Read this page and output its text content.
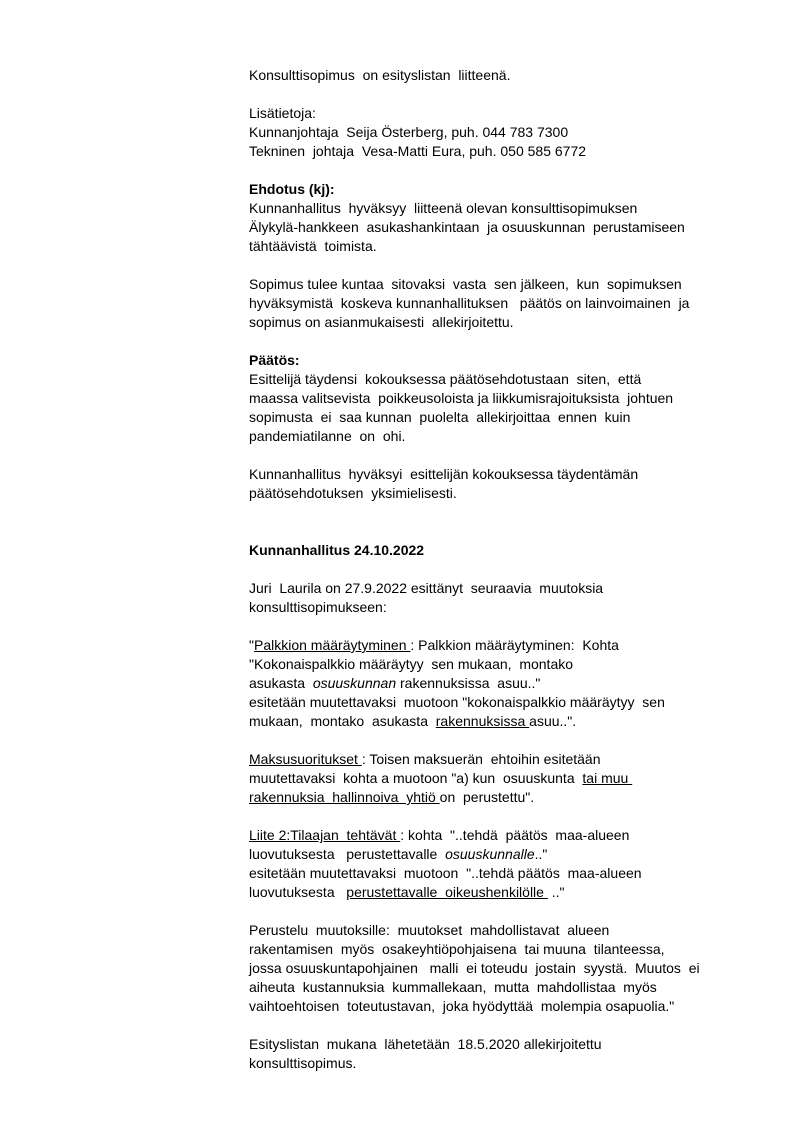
Konsulttisopimus  on esityslistan  liitteenä.
Lisätietoja:
Kunnanjohtaja  Seija Österberg, puh. 044 783 7300
Tekninen  johtaja  Vesa-Matti Eura, puh. 050 585 6772
Ehdotus (kj):
Kunnanhallitus  hyväksyy  liitteenä olevan konsulttisopimuksen
Älykylä-hankkeen  asukashankintaan  ja osuuskunnan  perustamiseen
tähtäävistä  toimista.
Sopimus tulee kuntaa  sitovaksi  vasta  sen jälkeen,  kun  sopimuksen
hyväksymistä  koskeva kunnanhallituksen   päätös on lainvoimainen  ja
sopimus on asianmukaisesti  allekirjoitettu.
Päätös:
Esittelijä täydensi  kokouksessa päätösehdotustaan  siten,  että
maassa valitsevista  poikkeusoloista ja liikkumisrajoituksista  johtuen
sopimusta  ei  saa kunnan  puolelta  allekirjoittaa  ennen  kuin
pandemiatilanne  on  ohi.
Kunnanhallitus  hyväksyi  esittelijän kokouksessa täydentämän
päätösehdotuksen  yksimielisesti.
Kunnanhallitus 24.10.2022
Juri  Laurila on 27.9.2022 esittänyt  seuraavia  muutoksia
konsulttisopimukseen:
"Palkkion määräytyminen : Palkkion määräytyminen:  Kohta
"Kokonaispalkkio määräytyy  sen mukaan,  montako
asukasta  osuuskunnan rakennuksissa  asuu.."
esitetään muutettavaksi  muotoon "kokonaispalkkio määräytyy  sen
mukaan,  montako  asukasta  rakennuksissa asuu..".
Maksusuoritukset : Toisen maksuerän  ehtoihin esitetään
muutettavaksi  kohta a muotoon "a) kun  osuuskunta  tai muu
rakennuksia  hallinnoiva  yhtiö on  perustettu".
Liite 2:Tilaajan  tehtävät : kohta  "..tehdä  päätös  maa-alueen
luovutuksesta   perustettavalle  osuuskunnalle.."
esitetään muutettavaksi  muotoon  "..tehdä päätös  maa-alueen
luovutuksesta   perustettavalle  oikeushenkilölle  .."
Perustelu  muutoksille:  muutokset  mahdollistavat  alueen
rakentamisen  myös  osakeyhtiöpohjaisena  tai muuna  tilanteessa,
jossa osuuskuntapohjainen   malli  ei toteudu  jostain  syystä.  Muutos  ei
aiheuta  kustannuksia  kummallekaan,  mutta  mahdollistaa  myös
vaihtoehtoisen  toteutustavan,  joka hyödyttää  molempia osapuolia."
Esityslistan  mukana  lähetetään  18.5.2020 allekirjoitettu
konsulttisopimus.
